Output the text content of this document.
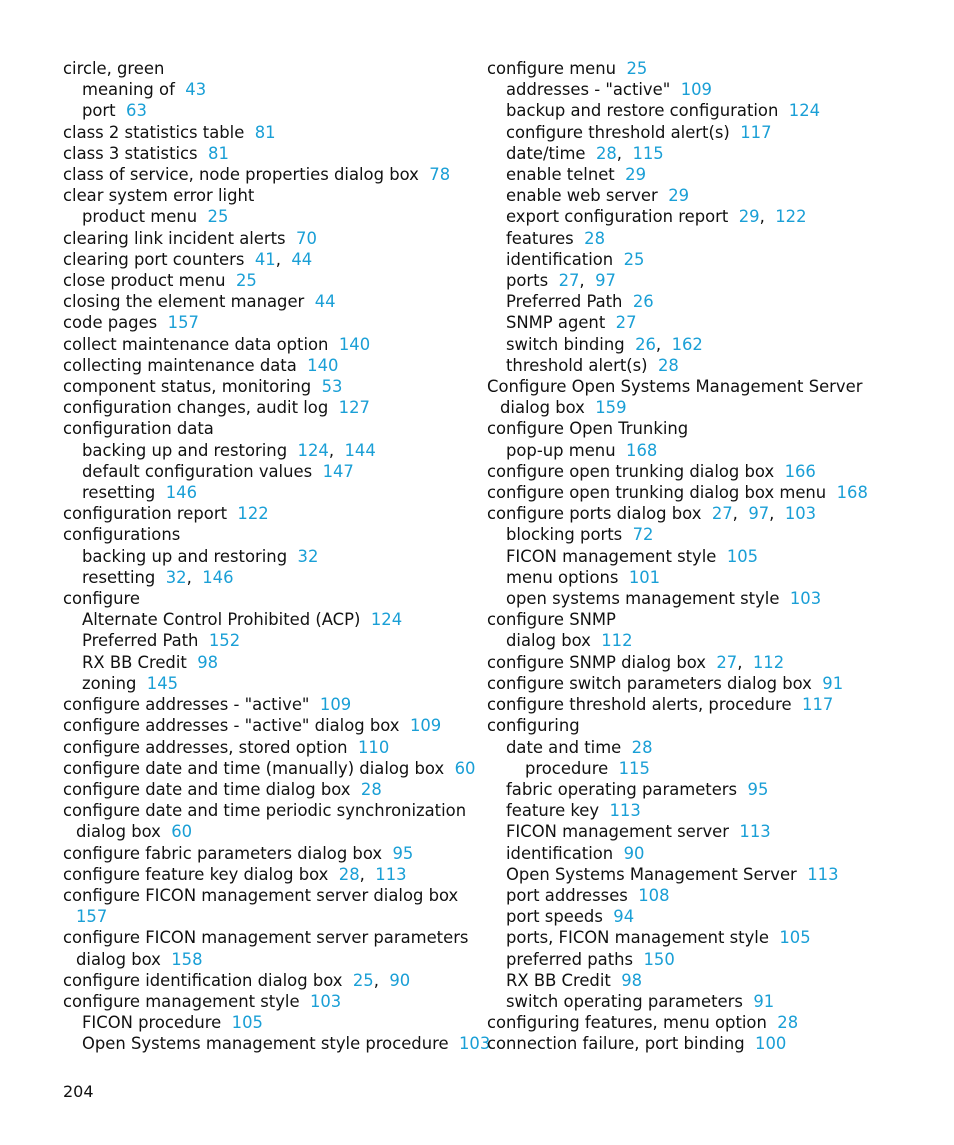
circle, green
meaning of 43
port 63
class 2 statistics table 81
class 3 statistics 81
class of service, node properties dialog box 78
clear system error light
product menu 25
clearing link incident alerts 70
clearing port counters 41,  44
close product menu 25
closing the element manager 44
code pages 157
collect maintenance data option 140
collecting maintenance data 140
component status, monitoring 53
configuration changes, audit log 127
configuration data
backing up and restoring 124,  144
default configuration values 147
resetting 146
configuration report 122
configurations
backing up and restoring 32
resetting 32,  146
configure
Alternate Control Prohibited (ACP) 124
Preferred Path 152
RX BB Credit 98
zoning 145
configure addresses - "active" 109
configure addresses - "active" dialog box 109
configure addresses, stored option 110
configure date and time (manually) dialog box 60
configure date and time dialog box 28
configure date and time periodic synchronization
dialog box 60
configure fabric parameters dialog box 95
configure feature key dialog box 28,  113
configure FICON management server dialog box
157
configure FICON management server parameters
dialog box 158
configure identification dialog box 25,  90
configure management style 103
FICON procedure 105
Open Systems management style procedure 103
configure menu 25
addresses - "active" 109
backup and restore configuration 124
configure threshold alert(s) 117
date/time 28,  115
enable telnet 29
enable web server 29
export configuration report 29,  122
features 28
identification 25
ports 27,  97
Preferred Path 26
SNMP agent 27
switch binding 26,  162
threshold alert(s) 28
Configure Open Systems Management Server
dialog box 159
configure Open Trunking
pop-up menu 168
configure open trunking dialog box 166
configure open trunking dialog box menu 168
configure ports dialog box 27,  97,  103
blocking ports 72
FICON management style 105
menu options 101
open systems management style 103
configure SNMP
dialog box 112
configure SNMP dialog box 27,  112
configure switch parameters dialog box 91
configure threshold alerts, procedure 117
configuring
date and time 28
procedure 115
fabric operating parameters 95
feature key 113
FICON management server 113
identification 90
Open Systems Management Server 113
port addresses 108
port speeds 94
ports, FICON management style 105
preferred paths 150
RX BB Credit 98
switch operating parameters 91
configuring features, menu option 28
connection failure, port binding 100
204
